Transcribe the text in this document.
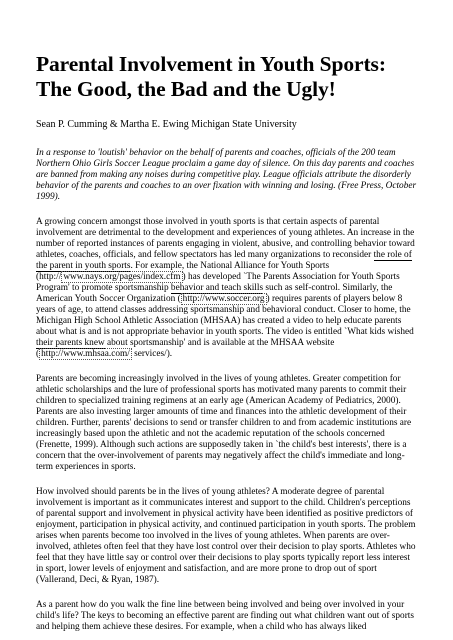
Parental Involvement in Youth Sports: The Good, the Bad and the Ugly!

Sean P. Cumming & Martha E. Ewing Michigan State University

In a response to 'loutish' behavior on the behalf of parents and coaches, officials of the 200 team Northern Ohio Girls Soccer League proclaim a game day of silence. On this day parents and coaches are banned from making any noises during competitive play. League officials attribute the disorderly behavior of the parents and coaches to an over fixation with winning and losing. (Free Press, October 1999).

A growing concern amongst those involved in youth sports is that certain aspects of parental involvement are detrimental to the development and experiences of young athletes. An increase in the number of reported instances of parents engaging in violent, abusive, and controlling behavior toward athletes, coaches, officials, and fellow spectators has led many organizations to reconsider the role of the parent in youth sports. For example, the National Alliance for Youth Sports (http:// www.nays.org/pages/index.cfm ) has developed `The Parents Association for Youth Sports Program' to promote sportsmanship behavior and teach skills such as self-control. Similarly, the American Youth Soccer Organization ( http://www.soccer.org ) requires parents of players below 8 years of age, to attend classes addressing sportsmanship and behavioral conduct. Closer to home, the Michigan High School Athletic Association (MHSAA) has created a video to help educate parents about what is and is not appropriate behavior in youth sports. The video is entitled `What kids wished their parents knew about sportsmanship' and is available at the MHSAA website ( http://www.mhsaa.com/ services/).

Parents are becoming increasingly involved in the lives of young athletes. Greater competition for athletic scholarships and the lure of professional sports has motivated many parents to commit their children to specialized training regimens at an early age (American Academy of Pediatrics, 2000). Parents are also investing larger amounts of time and finances into the athletic development of their children. Further, parents' decisions to send or transfer children to and from academic institutions are increasingly based upon the athletic and not the academic reputation of the schools concerned (Frenette, 1999). Although such actions are supposedly taken in `the child's best interests', there is a concern that the over-involvement of parents may negatively affect the child's immediate and long-term experiences in sports.

How involved should parents be in the lives of young athletes? A moderate degree of parental involvement is important as it communicates interest and support to the child. Children's perceptions of parental support and involvement in physical activity have been identified as positive predictors of enjoyment, participation in physical activity, and continued participation in youth sports. The problem arises when parents become too involved in the lives of young athletes. When parents are over-involved, athletes often feel that they have lost control over their decision to play sports. Athletes who feel that they have little say or control over their decisions to play sports typically report less interest in sport, lower levels of enjoyment and satisfaction, and are more prone to drop out of sport (Vallerand, Deci, & Ryan, 1987).

As a parent how do you walk the fine line between being involved and being over involved in your child's life? The keys to becoming an effective parent are finding out what children want out of sports and helping them achieve these desires. For example, when a child who has always liked
